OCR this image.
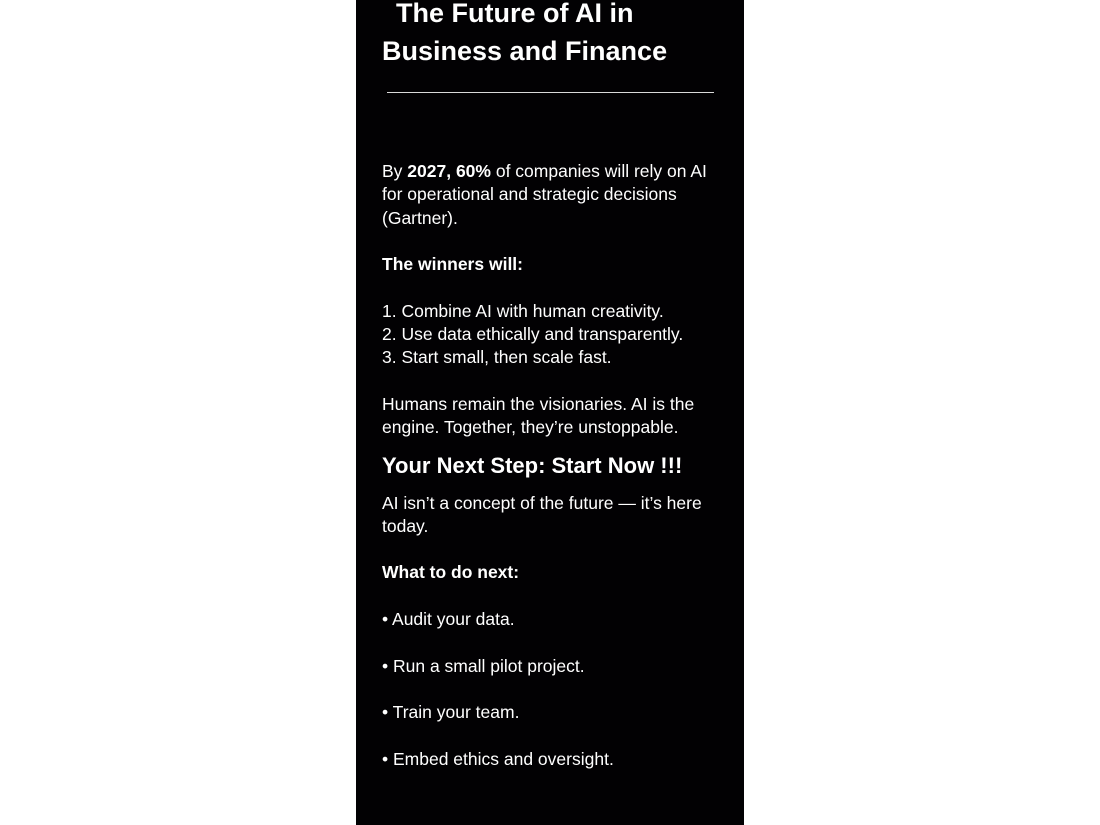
The Future of AI in
Business and Finance

By 2027, 60% of companies will rely on AI for operational and strategic decisions (Gartner).

The winners will:

1. Combine AI with human creativity.

2. Use data ethically and transparently.

3. Start small, then scale fast.

Humans remain the visionaries. AI is the engine. Together, they’re unstoppable.

Your Next Step: Start Now !!!

AI isn’t a concept of the future — it’s here today.

What to do next:

• Audit your data.

• Run a small pilot project.

• Train your team.

• Embed ethics and oversight.
